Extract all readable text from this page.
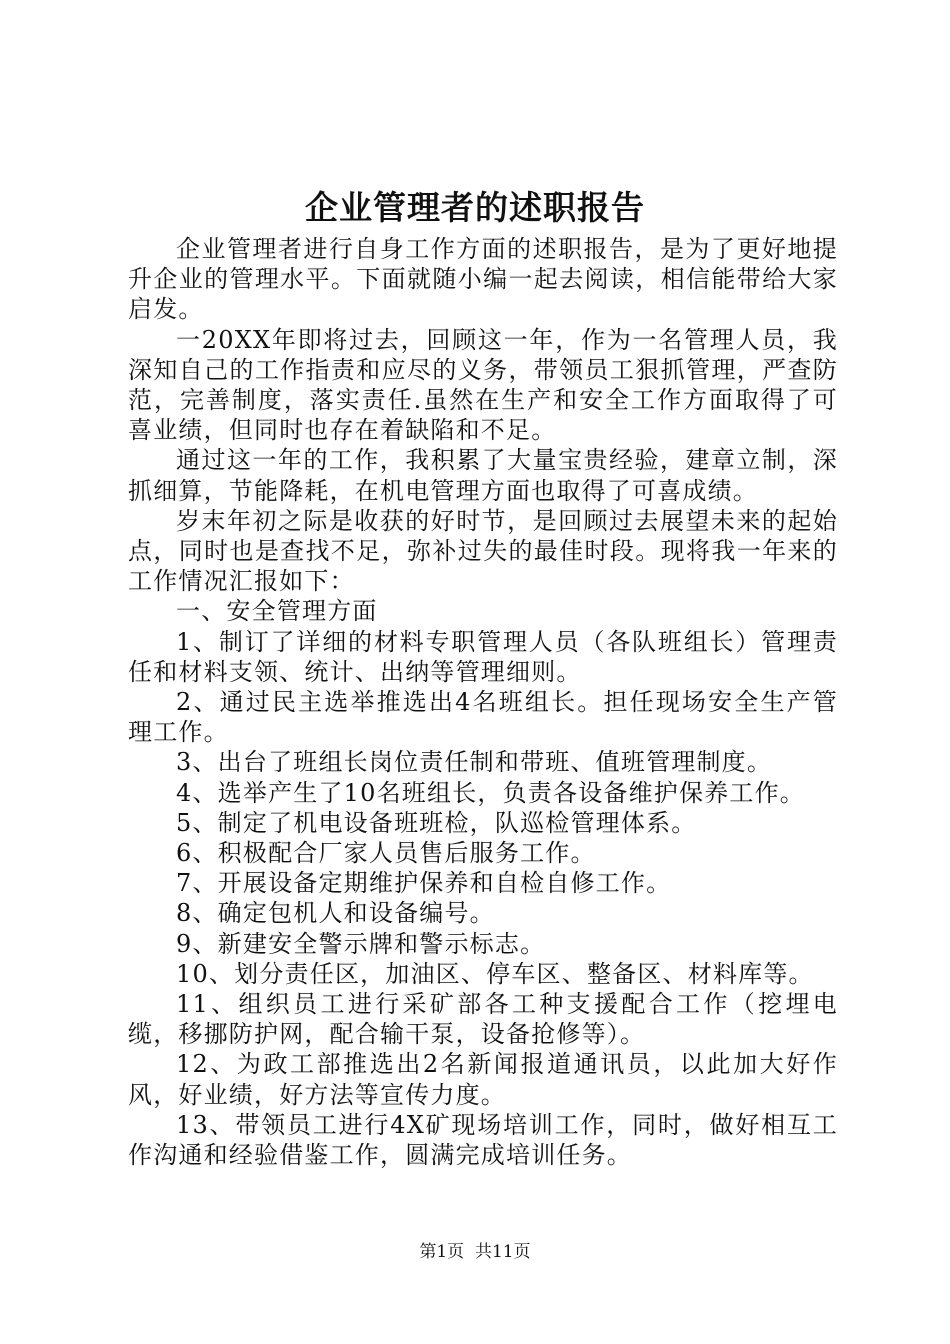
企业管理者的述职报告

企业管理者进行自身工作方面的述职报告，是为了更好地提升企业的管理水平。下面就随小编一起去阅读，相信能带给大家启发。

一20XX年即将过去，回顾这一年，作为一名管理人员，我深知自己的工作指责和应尽的义务，带领员工狠抓管理，严查防范，完善制度，落实责任.虽然在生产和安全工作方面取得了可喜业绩，但同时也存在着缺陷和不足。

通过这一年的工作，我积累了大量宝贵经验，建章立制，深抓细算，节能降耗，在机电管理方面也取得了可喜成绩。

岁末年初之际是收获的好时节，是回顾过去展望未来的起始点，同时也是查找不足，弥补过失的最佳时段。现将我一年来的工作情况汇报如下：

一、安全管理方面

1、制订了详细的材料专职管理人员（各队班组长）管理责任和材料支领、统计、出纳等管理细则。

2、通过民主选举推选出4名班组长。担任现场安全生产管理工作。

3、出台了班组长岗位责任制和带班、值班管理制度。

4、选举产生了10名班组长，负责各设备维护保养工作。

5、制定了机电设备班班检，队巡检管理体系。

6、积极配合厂家人员售后服务工作。

7、开展设备定期维护保养和自检自修工作。

8、确定包机人和设备编号。

9、新建安全警示牌和警示标志。

10、划分责任区，加油区、停车区、整备区、材料库等。

11、组织员工进行采矿部各工种支援配合工作（挖埋电缆，移挪防护网，配合输干泵，设备抢修等）。

12、为政工部推选出2名新闻报道通讯员，以此加大好作风，好业绩，好方法等宣传力度。

13、带领员工进行4X矿现场培训工作，同时，做好相互工作沟通和经验借鉴工作，圆满完成培训任务。

第1页  共11页
